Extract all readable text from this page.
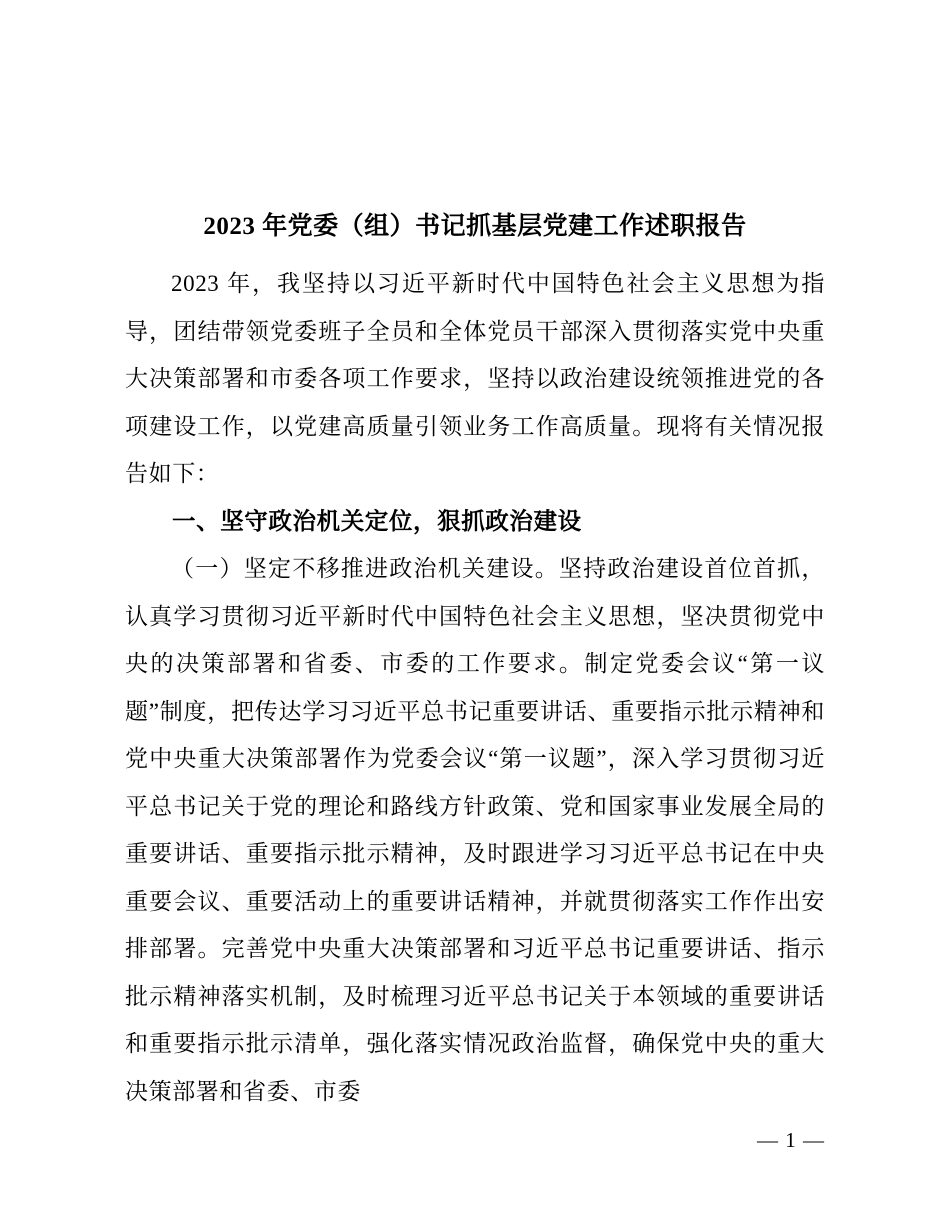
2023 年党委（组）书记抓基层党建工作述职报告

2023 年，我坚持以习近平新时代中国特色社会主义思想为指导，团结带领党委班子全员和全体党员干部深入贯彻落实党中央重大决策部署和市委各项工作要求，坚持以政治建设统领推进党的各项建设工作，以党建高质量引领业务工作高质量。现将有关情况报告如下：

一、坚守政治机关定位，狠抓政治建设

（一）坚定不移推进政治机关建设。坚持政治建设首位首抓，认真学习贯彻习近平新时代中国特色社会主义思想，坚决贯彻党中央的决策部署和省委、市委的工作要求。制定党委会议“第一议题”制度，把传达学习习近平总书记重要讲话、重要指示批示精神和党中央重大决策部署作为党委会议“第一议题”，深入学习贯彻习近平总书记关于党的理论和路线方针政策、党和国家事业发展全局的重要讲话、重要指示批示精神，及时跟进学习习近平总书记在中央重要会议、重要活动上的重要讲话精神，并就贯彻落实工作作出安排部署。完善党中央重大决策部署和习近平总书记重要讲话、指示批示精神落实机制，及时梳理习近平总书记关于本领域的重要讲话和重要指示批示清单，强化落实情况政治监督，确保党中央的重大决策部署和省委、市委

— 1 —
